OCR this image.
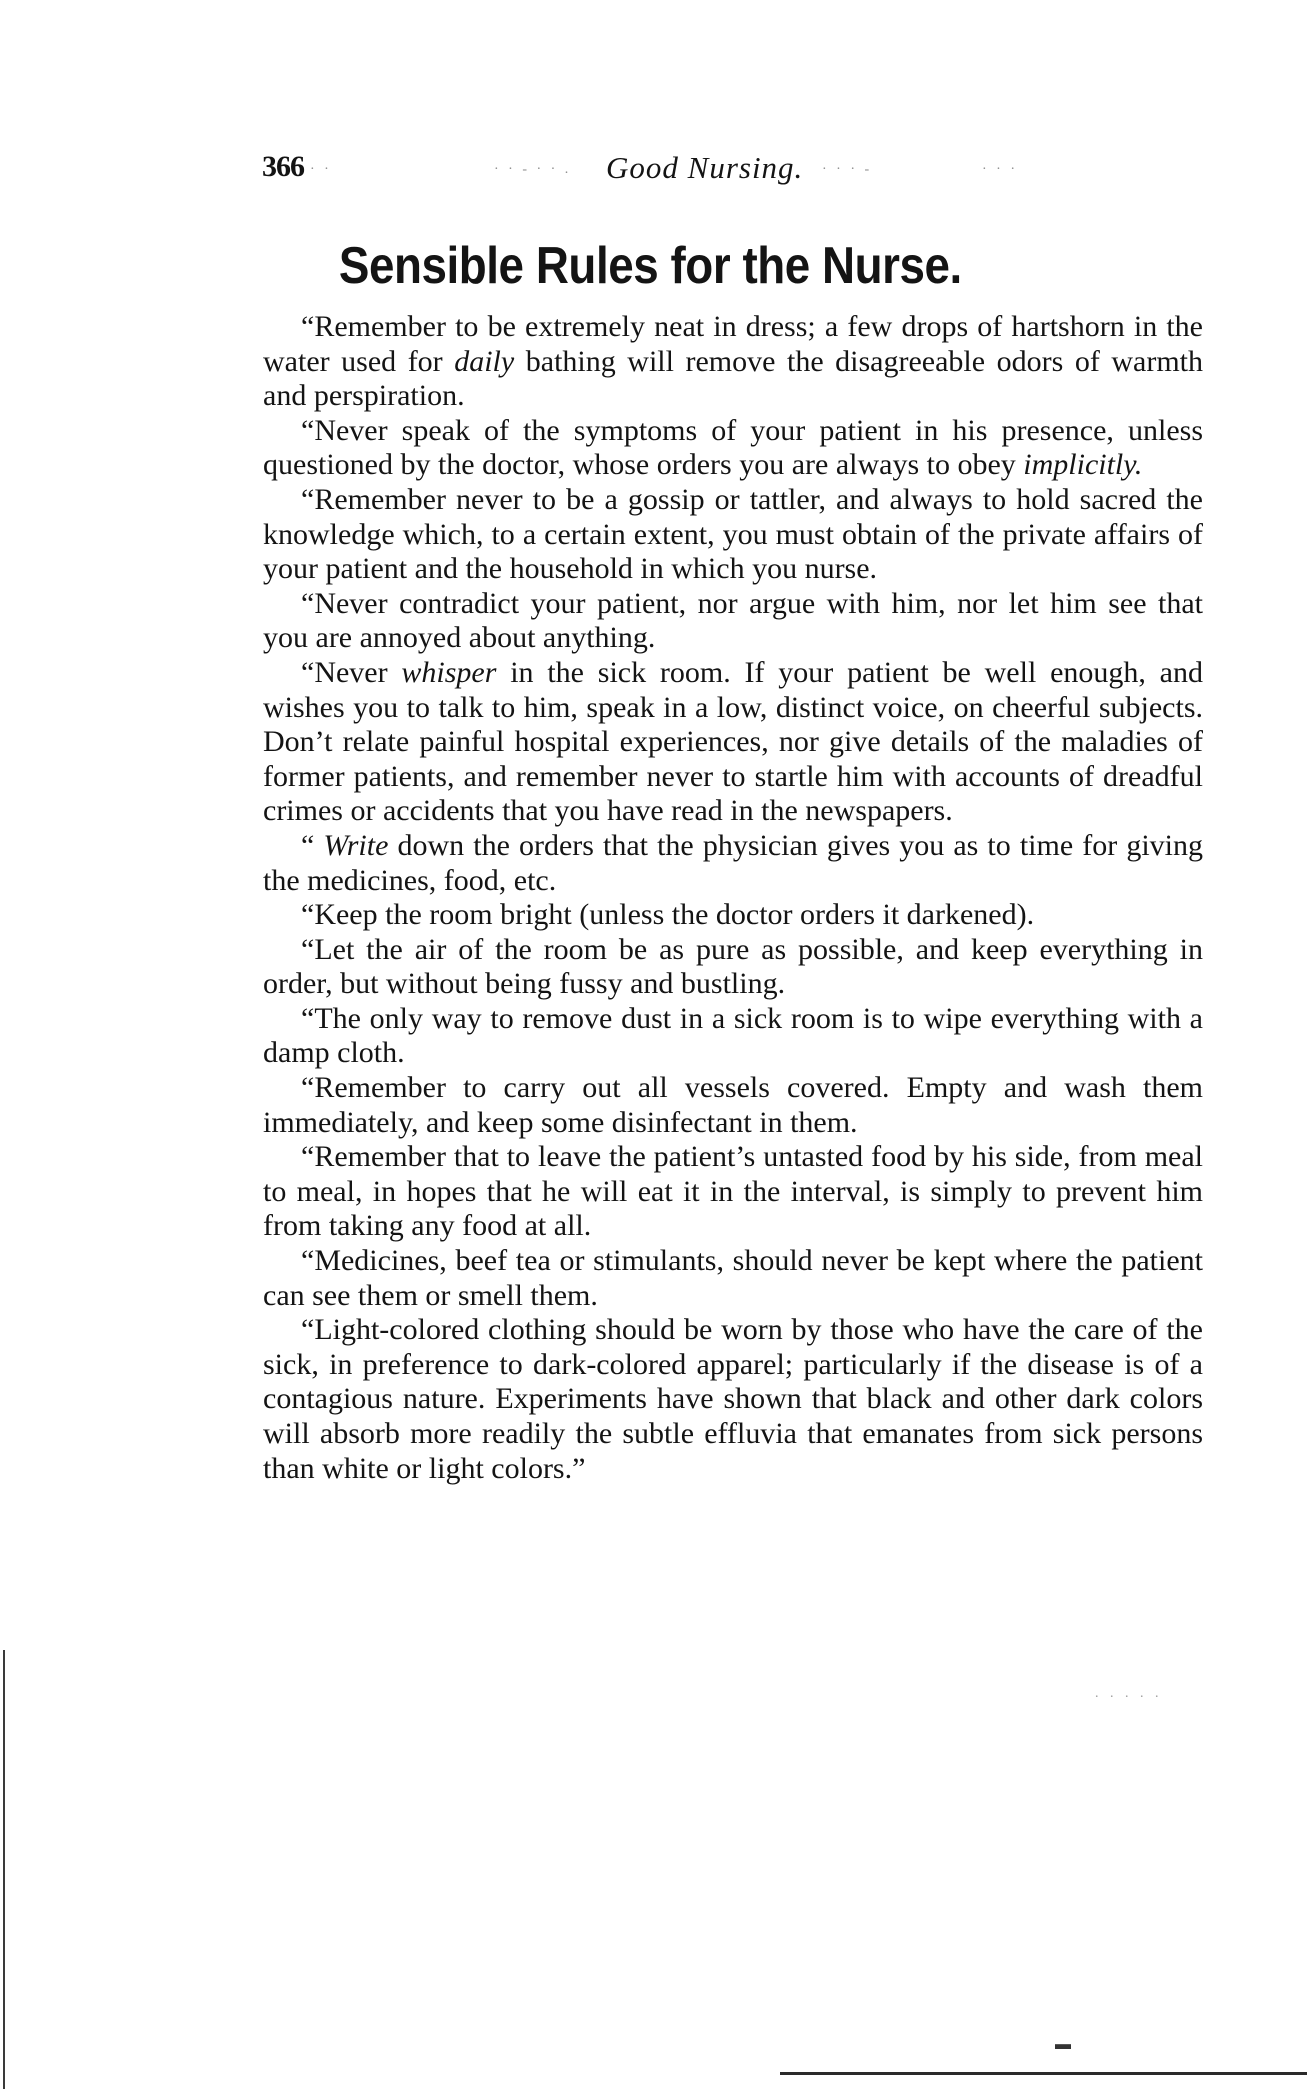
366 · ·	· · - · · . Good Nursing. · · · -	· · ·
Sensible Rules for the Nurse.

“Remember to be extremely neat in dress; a few drops of hartshorn in the water used for daily bathing will remove the disagreeable odors of warmth and perspiration.

“Never speak of the symptoms of your patient in his presence, unless questioned by the doctor, whose orders you are always to obey implicitly.

“Remember never to be a gossip or tattler, and always to hold sacred the knowledge which, to a certain extent, you must obtain of the private affairs of your patient and the household in which you nurse.

“Never contradict your patient, nor argue with him, nor let him see that you are annoyed about anything.

“Never whisper in the sick room. If your patient be well enough, and wishes you to talk to him, speak in a low, distinct voice, on cheerful subjects. Don’t relate painful hospital experiences, nor give details of the maladies of former patients, and remember never to startle him with accounts of dreadful crimes or accidents that you have read in the newspapers.

“ Write down the orders that the physician gives you as to time for giving the medicines, food, etc.

“Keep the room bright (unless the doctor orders it darkened).

“Let the air of the room be as pure as possible, and keep everything in order, but without being fussy and bustling.

“The only way to remove dust in a sick room is to wipe everything with a damp cloth.

“Remember to carry out all vessels covered. Empty and wash them immediately, and keep some disinfectant in them.

“Remember that to leave the patient’s untasted food by his side, from meal to meal, in hopes that he will eat it in the interval, is simply to prevent him from taking any food at all.

“Medicines, beef tea or stimulants, should never be kept where the patient can see them or smell them.

“Light-colored clothing should be worn by those who have the care of the sick, in preference to dark-colored apparel; particularly if the disease is of a contagious nature. Experiments have shown that black and other dark colors will absorb more readily the subtle effluvia that emanates from sick persons than white or light colors.”

. . . . .
▬
